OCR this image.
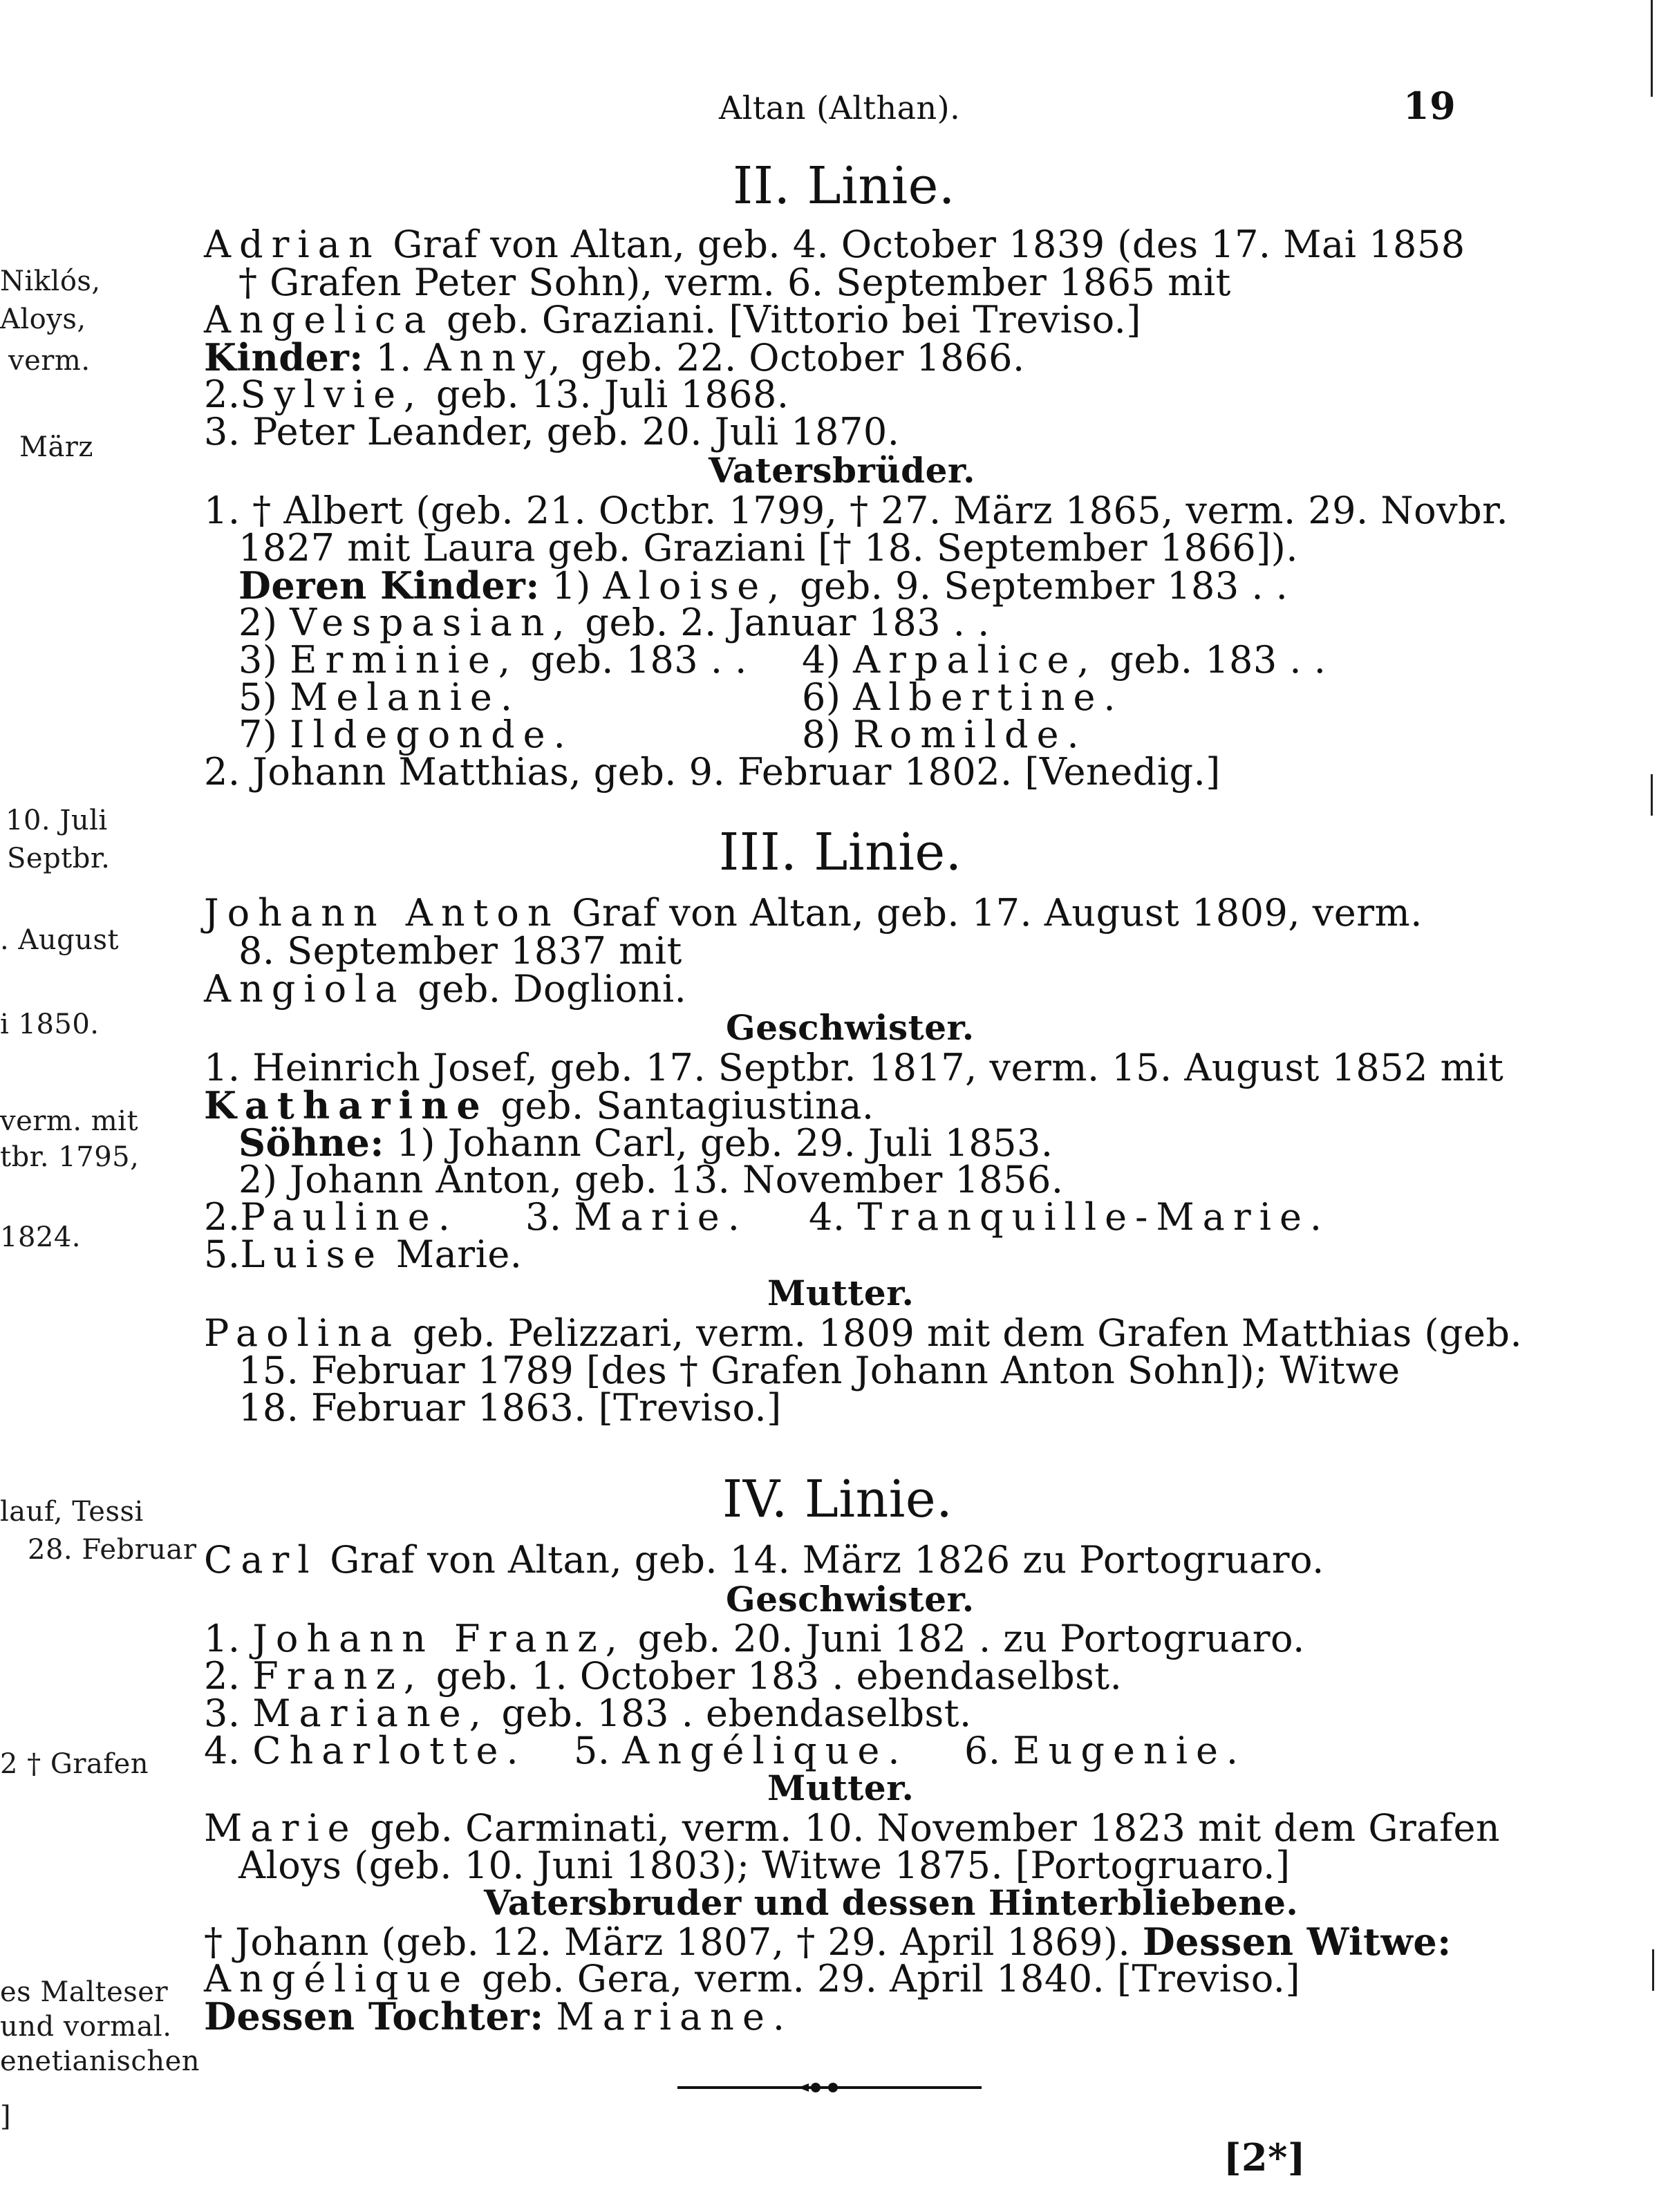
Niklós,
Aloys,
verm.
März
10. Juli
Septbr.
. August
i 1850.
verm. mit
tbr. 1795,
1824.
lauf, Tessi
28. Februar
2 † Grafen
es Malteser
und vormal.
enetianischen
]
Altan (Althan).	19
II. Linie.
Adrian Graf von Altan, geb. 4. October 1839 (des 17. Mai 1858
† Grafen Peter Sohn), verm. 6. September 1865 mit
Angelica geb. Graziani. [Vittorio bei Treviso.]
Kinder: 1. Anny, geb. 22. October 1866.
2.Sylvie, geb. 13. Juli 1868.
3. Peter Leander, geb. 20. Juli 1870.
Vatersbrüder.
1. † Albert (geb. 21. Octbr. 1799, † 27. März 1865, verm. 29. Novbr.
1827 mit Laura geb. Graziani [† 18. September 1866]).
Deren Kinder: 1) Aloise, geb. 9. September 183 . .
2) Vespasian, geb. 2. Januar 183 . .
3) Erminie, geb. 183 . . 4) Arpalice, geb. 183 . .
5) Melanie.	6) Albertine.
7) Ildegonde.	8) Romilde.
2. Johann Matthias, geb. 9. Februar 1802. [Venedig.]
III. Linie.
Johann Anton Graf von Altan, geb. 17. August 1809, verm.
8. September 1837 mit
Angiola geb. Doglioni.
Geschwister.
1. Heinrich Josef, geb. 17. Septbr. 1817, verm. 15. August 1852 mit
Katharine geb. Santagiustina.
Söhne: 1) Johann Carl, geb. 29. Juli 1853.
2) Johann Anton, geb. 13. November 1856.
2.Pauline. 3. Marie. 4. Tranquille-Marie.
5.Luise Marie.
Mutter.
Paolina geb. Pelizzari, verm. 1809 mit dem Grafen Matthias (geb.
15. Februar 1789 [des † Grafen Johann Anton Sohn]); Witwe
18. Februar 1863. [Treviso.]
IV. Linie.
Carl Graf von Altan, geb. 14. März 1826 zu Portogruaro.
Geschwister.
1. Johann Franz, geb. 20. Juni 182 . zu Portogruaro.
2. Franz, geb. 1. October 183 . ebendaselbst.
3. Mariane, geb. 183 . ebendaselbst.
4. Charlotte. 5. Angélique. 6. Eugenie.
Mutter.
Marie geb. Carminati, verm. 10. November 1823 mit dem Grafen
Aloys (geb. 10. Juni 1803); Witwe 1875. [Portogruaro.]
Vatersbruder und dessen Hinterbliebene.
† Johann (geb. 12. März 1807, † 29. April 1869). Dessen Witwe:
Angélique geb. Gera, verm. 29. April 1840. [Treviso.]
Dessen Tochter: Mariane.
[2*]
